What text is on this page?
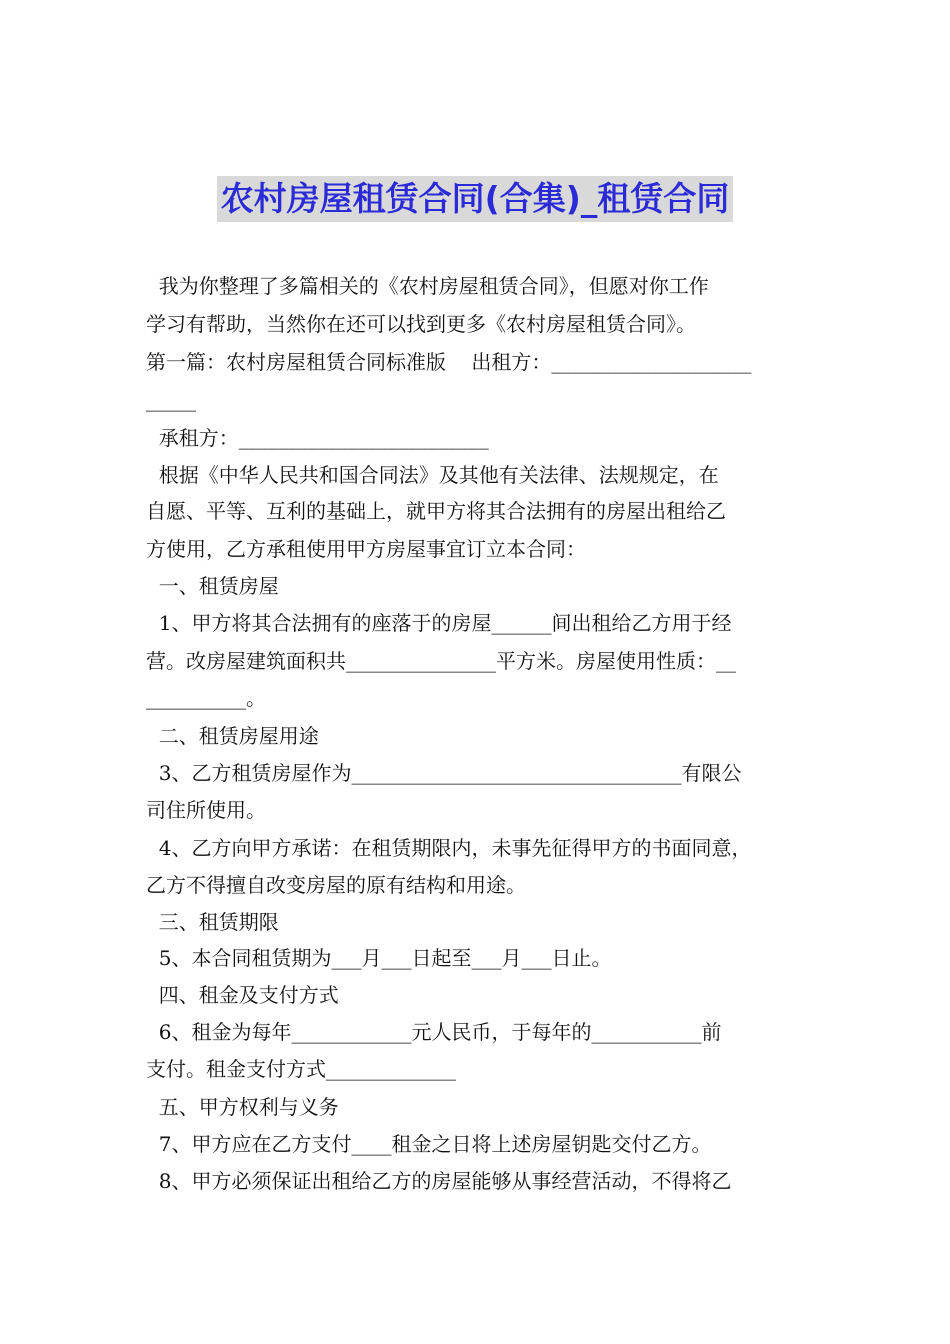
农村房屋租赁合同(合集)_租赁合同
我为你整理了多篇相关的《农村房屋租赁合同》，但愿对你工作
学习有帮助，当然你在还可以找到更多《农村房屋租赁合同》。
第一篇：农村房屋租赁合同标准版    出租方：____________________
_____
承租方：_________________________
根据《中华人民共和国合同法》及其他有关法律、法规规定，在
自愿、平等、互利的基础上，就甲方将其合法拥有的房屋出租给乙
方使用，乙方承租使用甲方房屋事宜订立本合同：
一、租赁房屋
1、甲方将其合法拥有的座落于的房屋______间出租给乙方用于经
营。改房屋建筑面积共_______________平方米。房屋使用性质：__
__________。
二、租赁房屋用途
3、乙方租赁房屋作为_________________________________有限公
司住所使用。
4、乙方向甲方承诺：在租赁期限内，未事先征得甲方的书面同意，
乙方不得擅自改变房屋的原有结构和用途。
三、租赁期限
5、本合同租赁期为___月___日起至___月___日止。
四、租金及支付方式
6、租金为每年____________元人民币，于每年的___________前
支付。租金支付方式_____________
五、甲方权利与义务
7、甲方应在乙方支付____租金之日将上述房屋钥匙交付乙方。
8、甲方必须保证出租给乙方的房屋能够从事经营活动，不得将乙
